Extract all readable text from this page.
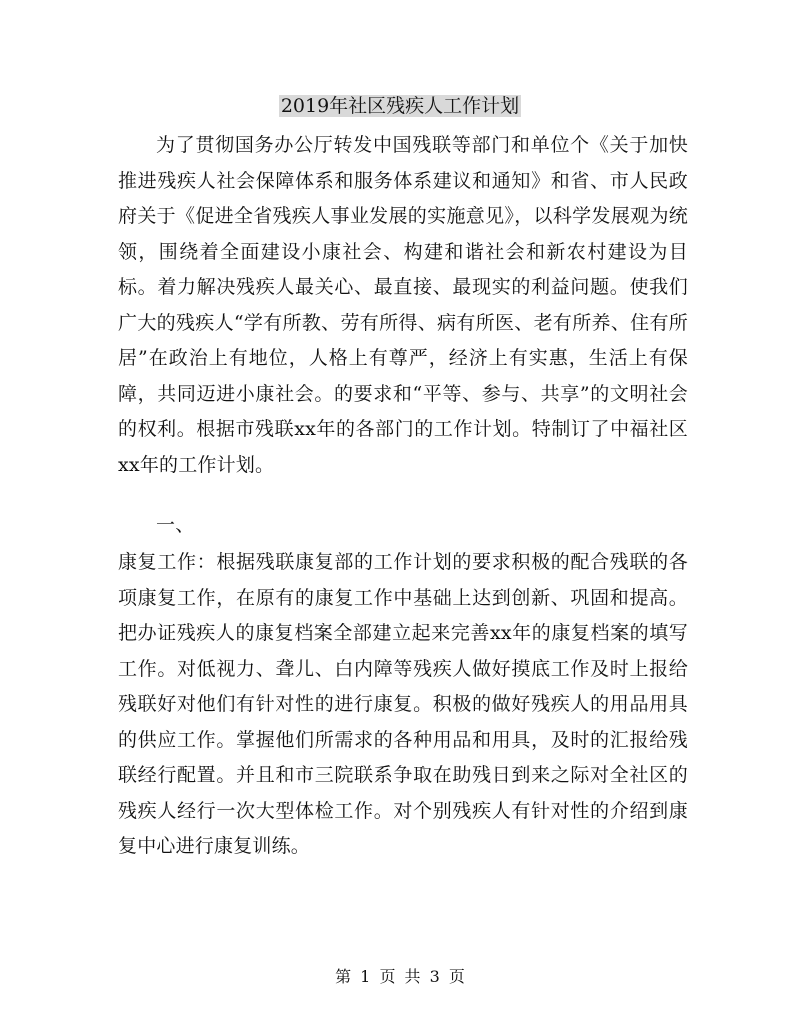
2019年社区残疾人工作计划
为了贯彻国务办公厅转发中国残联等部门和单位个《关于加快推进残疾人社会保障体系和服务体系建议和通知》和省、市人民政府关于《促进全省残疾人事业发展的实施意见》，以科学发展观为统领，围绕着全面建设小康社会、构建和谐社会和新农村建设为目标。着力解决残疾人最关心、最直接、最现实的利益问题。使我们广大的残疾人“学有所教、劳有所得、病有所医、老有所养、住有所居”在政治上有地位，人格上有尊严，经济上有实惠，生活上有保障，共同迈进小康社会。的要求和“平等、参与、共享”的文明社会的权利。根据市残联xx年的各部门的工作计划。特制订了中福社区xx年的工作计划。
一、
康复工作：根据残联康复部的工作计划的要求积极的配合残联的各项康复工作，在原有的康复工作中基础上达到创新、巩固和提高。把办证残疾人的康复档案全部建立起来完善xx年的康复档案的填写工作。对低视力、聋儿、白内障等残疾人做好摸底工作及时上报给残联好对他们有针对性的进行康复。积极的做好残疾人的用品用具的供应工作。掌握他们所需求的各种用品和用具，及时的汇报给残联经行配置。并且和市三院联系争取在助残日到来之际对全社区的残疾人经行一次大型体检工作。对个别残疾人有针对性的介绍到康复中心进行康复训练。
第 1 页 共 3 页
